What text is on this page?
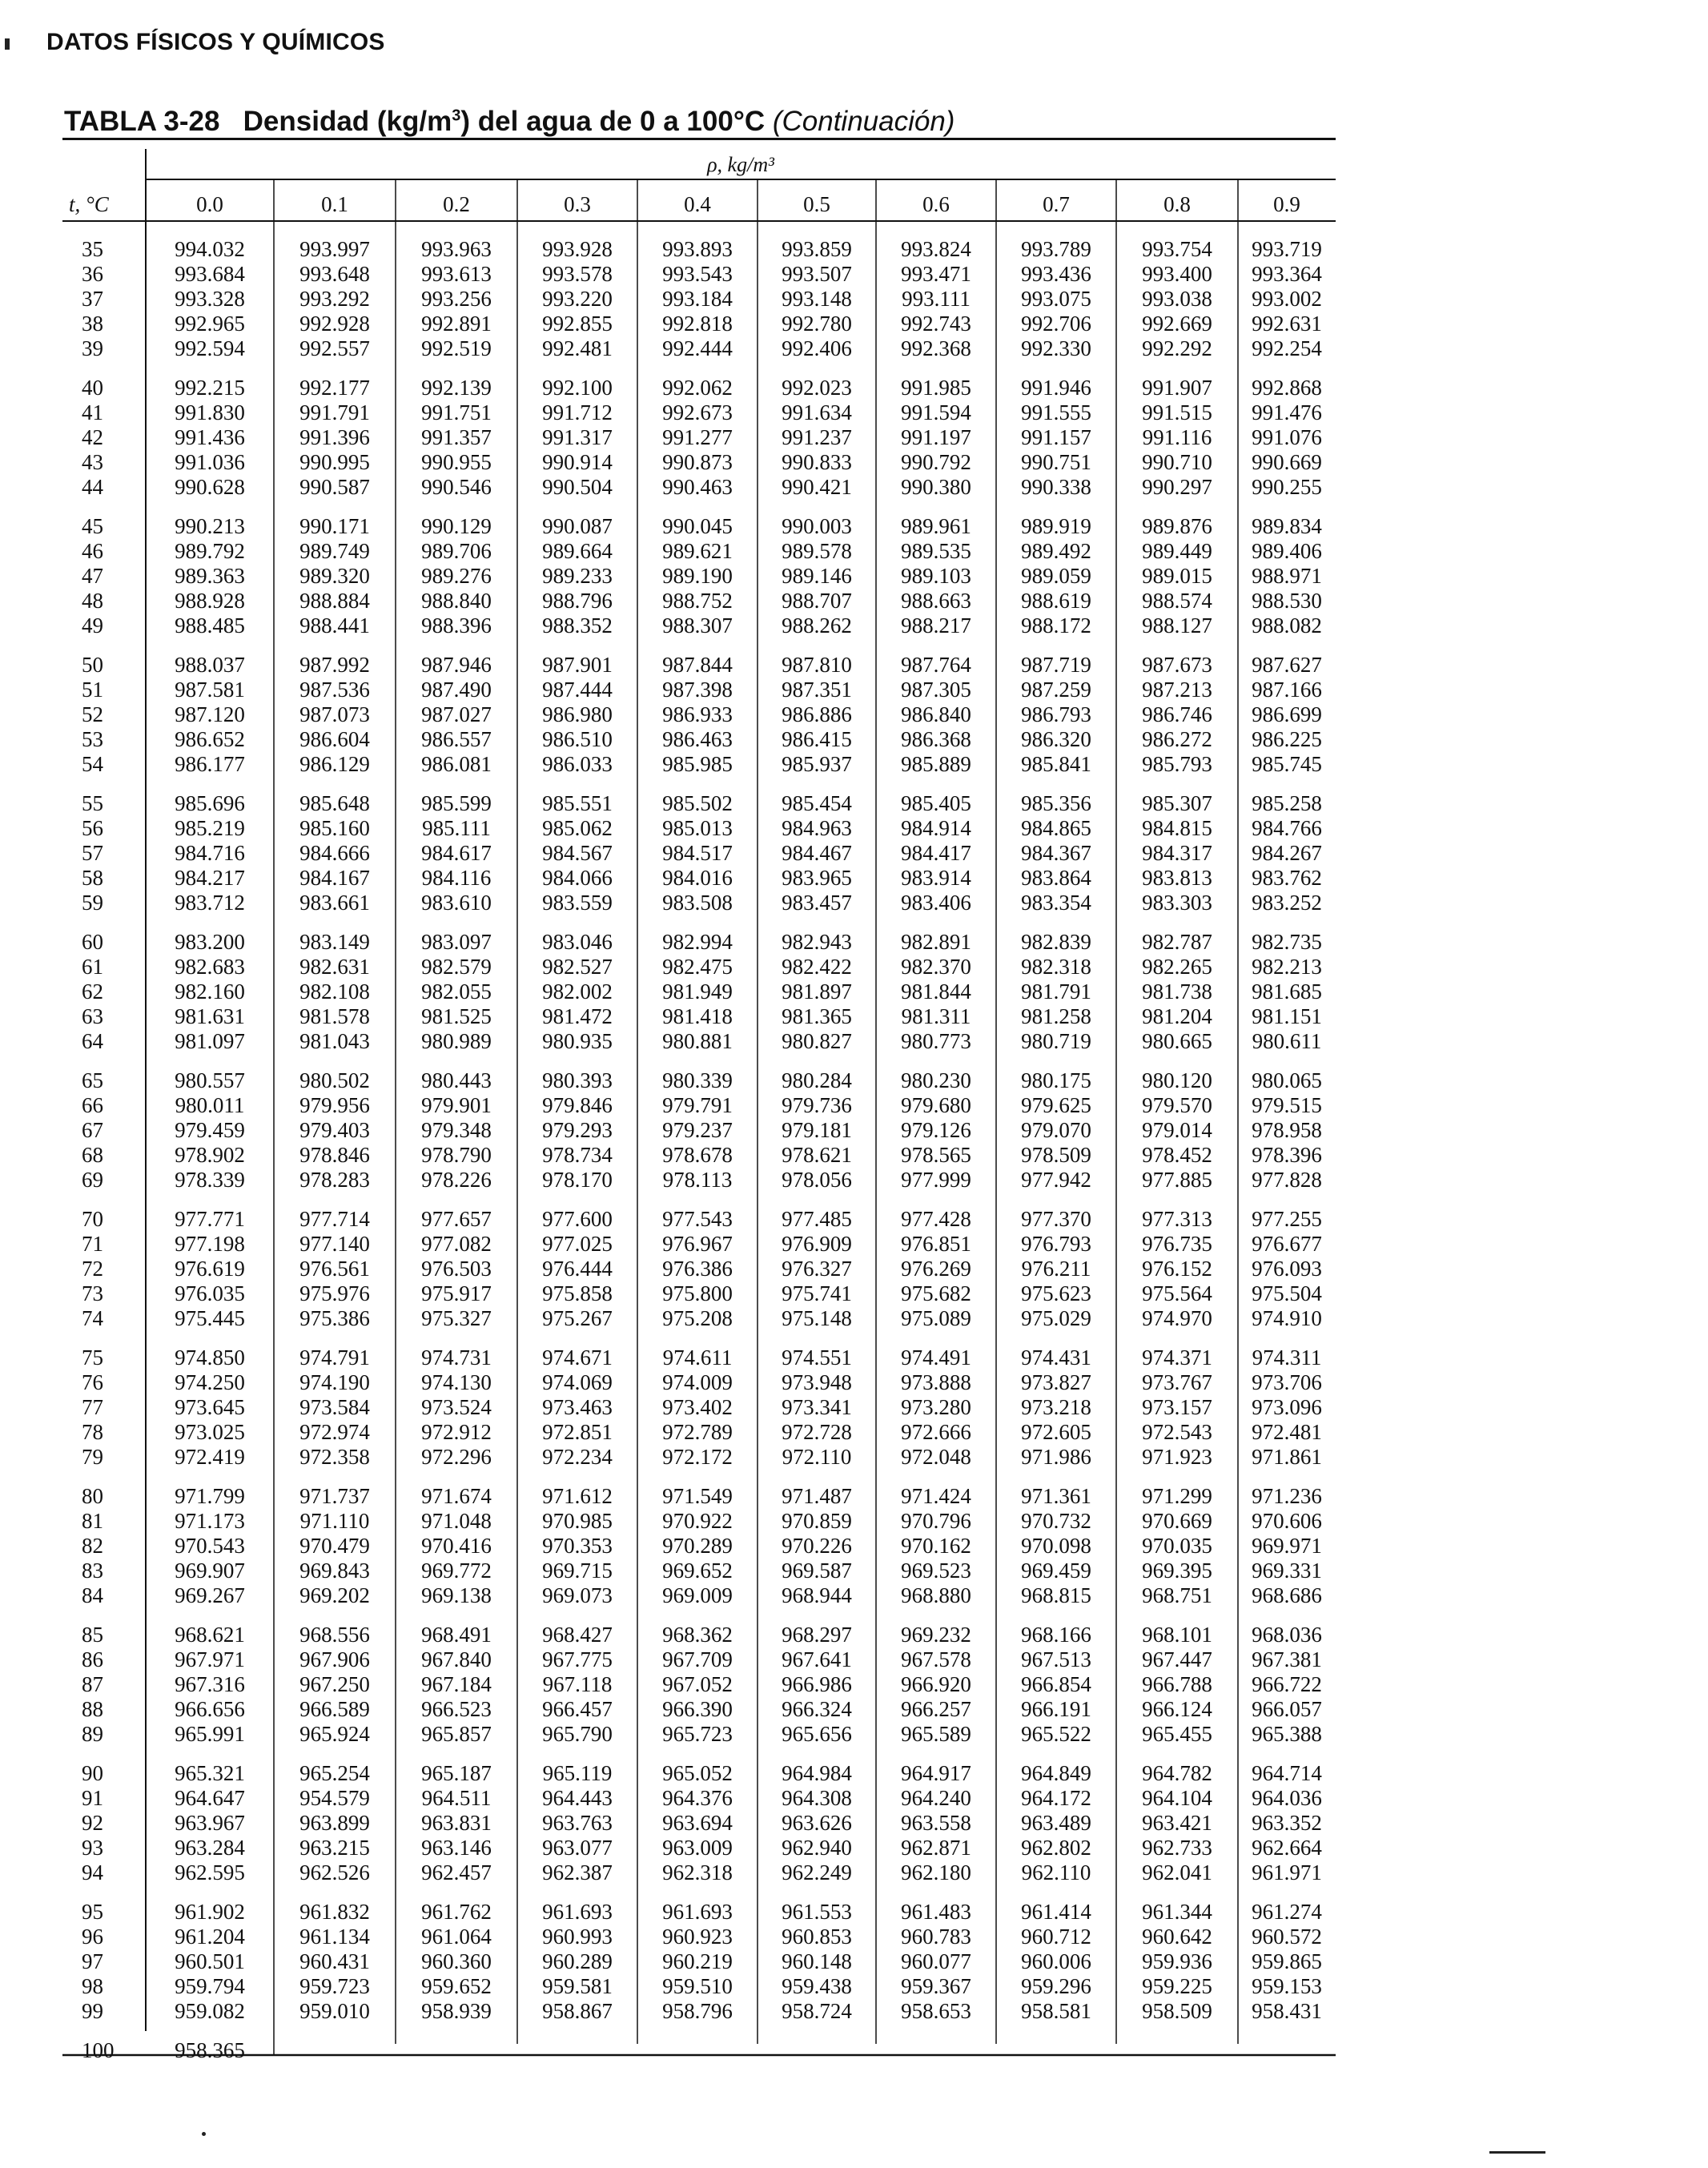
DATOS FÍSICOS Y QUÍMICOS
TABLA 3-28 Densidad $(kg/m^3)$ del agua de 0 a 100°C (Continuación)
ρ, kg/m³
t, °C	0.0	0.1	0.2	0.3	0.4	0.5	0.6	0.7	0.8	0.9
35	994.032	993.997 993.963 993.928 993.893 993.859 993.824 993.789 993.754 993.719
36	993.684	993.648 993.613 993.578 993.543 993.507 993.471 993.436 993.400 993.364
37	993.328	993.292 993.256 993.220 993.184 993.148 993.111 993.075 993.038 993.002
38	992.965	992.928 992.891 992.855 992.818 992.780 992.743 992.706 992.669 992.631
39	992.594	992.557 992.519 992.481 992.444 992.406 992.368 992.330 992.292 992.254
40	992.215	992.177 992.139 992.100 992.062 992.023 991.985 991.946 991.907 992.868
41	991.830	991.791 991.751 991.712 992.673 991.634 991.594 991.555 991.515 991.476
42	991.436	991.396 991.357 991.317 991.277 991.237 991.197 991.157 991.116 991.076
43	991.036	990.995 990.955 990.914 990.873 990.833 990.792 990.751 990.710 990.669
44	990.628	990.587 990.546 990.504 990.463 990.421 990.380 990.338 990.297 990.255
45	990.213	990.171 990.129 990.087 990.045 990.003 989.961 989.919 989.876 989.834
46	989.792	989.749 989.706 989.664 989.621 989.578 989.535 989.492 989.449 989.406
47	989.363	989.320 989.276 989.233 989.190 989.146 989.103 989.059 989.015 988.971
48	988.928	988.884 988.840 988.796 988.752 988.707 988.663 988.619 988.574 988.530
49	988.485	988.441 988.396 988.352 988.307 988.262 988.217 988.172 988.127 988.082
50	988.037	987.992 987.946 987.901 987.844 987.810 987.764 987.719 987.673 987.627
51	987.581	987.536 987.490 987.444 987.398 987.351 987.305 987.259 987.213 987.166
52	987.120	987.073 987.027 986.980 986.933 986.886 986.840 986.793 986.746 986.699
53	986.652	986.604 986.557 986.510 986.463 986.415 986.368 986.320 986.272 986.225
54	986.177	986.129 986.081 986.033 985.985 985.937 985.889 985.841 985.793 985.745
55	985.696	985.648 985.599 985.551 985.502 985.454 985.405 985.356 985.307 985.258
56	985.219	985.160 985.111 985.062 985.013 984.963 984.914 984.865 984.815 984.766
57	984.716	984.666 984.617 984.567 984.517 984.467 984.417 984.367 984.317 984.267
58	984.217	984.167 984.116 984.066 984.016 983.965 983.914 983.864 983.813 983.762
59	983.712	983.661 983.610 983.559 983.508 983.457 983.406 983.354 983.303 983.252
60	983.200	983.149 983.097 983.046 982.994 982.943 982.891 982.839 982.787 982.735
61	982.683	982.631 982.579 982.527 982.475 982.422 982.370 982.318 982.265 982.213
62	982.160	982.108 982.055 982.002 981.949 981.897 981.844 981.791 981.738 981.685
63	981.631	981.578 981.525 981.472 981.418 981.365 981.311 981.258 981.204 981.151
64	981.097	981.043 980.989 980.935 980.881 980.827 980.773 980.719 980.665 980.611
65	980.557	980.502 980.443 980.393 980.339 980.284 980.230 980.175 980.120 980.065
66	980.011	979.956 979.901 979.846 979.791 979.736 979.680 979.625 979.570 979.515
67	979.459	979.403 979.348 979.293 979.237 979.181 979.126 979.070 979.014 978.958
68	978.902	978.846 978.790 978.734 978.678 978.621 978.565 978.509 978.452 978.396
69	978.339	978.283 978.226 978.170 978.113 978.056 977.999 977.942 977.885 977.828
70	977.771	977.714 977.657 977.600 977.543 977.485 977.428 977.370 977.313 977.255
71	977.198	977.140 977.082 977.025 976.967 976.909 976.851 976.793 976.735 976.677
72	976.619	976.561 976.503 976.444 976.386 976.327 976.269 976.211 976.152 976.093
73	976.035	975.976 975.917 975.858 975.800 975.741 975.682 975.623 975.564 975.504
74	975.445	975.386 975.327 975.267 975.208 975.148 975.089 975.029 974.970 974.910
75	974.850	974.791 974.731 974.671 974.611 974.551 974.491 974.431 974.371 974.311
76	974.250	974.190 974.130 974.069 974.009 973.948 973.888 973.827 973.767 973.706
77	973.645	973.584 973.524 973.463 973.402 973.341 973.280 973.218 973.157 973.096
78	973.025	972.974 972.912 972.851 972.789 972.728 972.666 972.605 972.543 972.481
79	972.419	972.358 972.296 972.234 972.172 972.110 972.048 971.986 971.923 971.861
80	971.799	971.737 971.674 971.612 971.549 971.487 971.424 971.361 971.299 971.236
81	971.173	971.110 971.048 970.985 970.922 970.859 970.796 970.732 970.669 970.606
82	970.543	970.479 970.416 970.353 970.289 970.226 970.162 970.098 970.035 969.971
83	969.907	969.843 969.772 969.715 969.652 969.587 969.523 969.459 969.395 969.331
84	969.267	969.202 969.138 969.073 969.009 968.944 968.880 968.815 968.751 968.686
85	968.621	968.556 968.491 968.427 968.362 968.297 969.232 968.166 968.101 968.036
86	967.971	967.906 967.840 967.775 967.709 967.641 967.578 967.513 967.447 967.381
87	967.316	967.250 967.184 967.118 967.052 966.986 966.920 966.854 966.788 966.722
88	966.656	966.589 966.523 966.457 966.390 966.324 966.257 966.191 966.124 966.057
89	965.991	965.924 965.857 965.790 965.723 965.656 965.589 965.522 965.455 965.388
90	965.321	965.254 965.187 965.119 965.052 964.984 964.917 964.849 964.782 964.714
91	964.647	954.579 964.511 964.443 964.376 964.308 964.240 964.172 964.104 964.036
92	963.967	963.899 963.831 963.763 963.694 963.626 963.558 963.489 963.421 963.352
93	963.284	963.215 963.146 963.077 963.009 962.940 962.871 962.802 962.733 962.664
94	962.595	962.526 962.457 962.387 962.318 962.249 962.180 962.110 962.041 961.971
95	961.902	961.832 961.762 961.693 961.693 961.553 961.483 961.414 961.344 961.274
96	961.204	961.134 961.064 960.993 960.923 960.853 960.783 960.712 960.642 960.572
97	960.501	960.431 960.360 960.289 960.219 960.148 960.077 960.006 959.936 959.865
98	959.794	959.723 959.652 959.581 959.510 959.438 959.367 959.296 959.225 959.153
99	959.082	959.010 958.939 958.867 958.796 958.724 958.653 958.581 958.509 958.431
100	958.365
